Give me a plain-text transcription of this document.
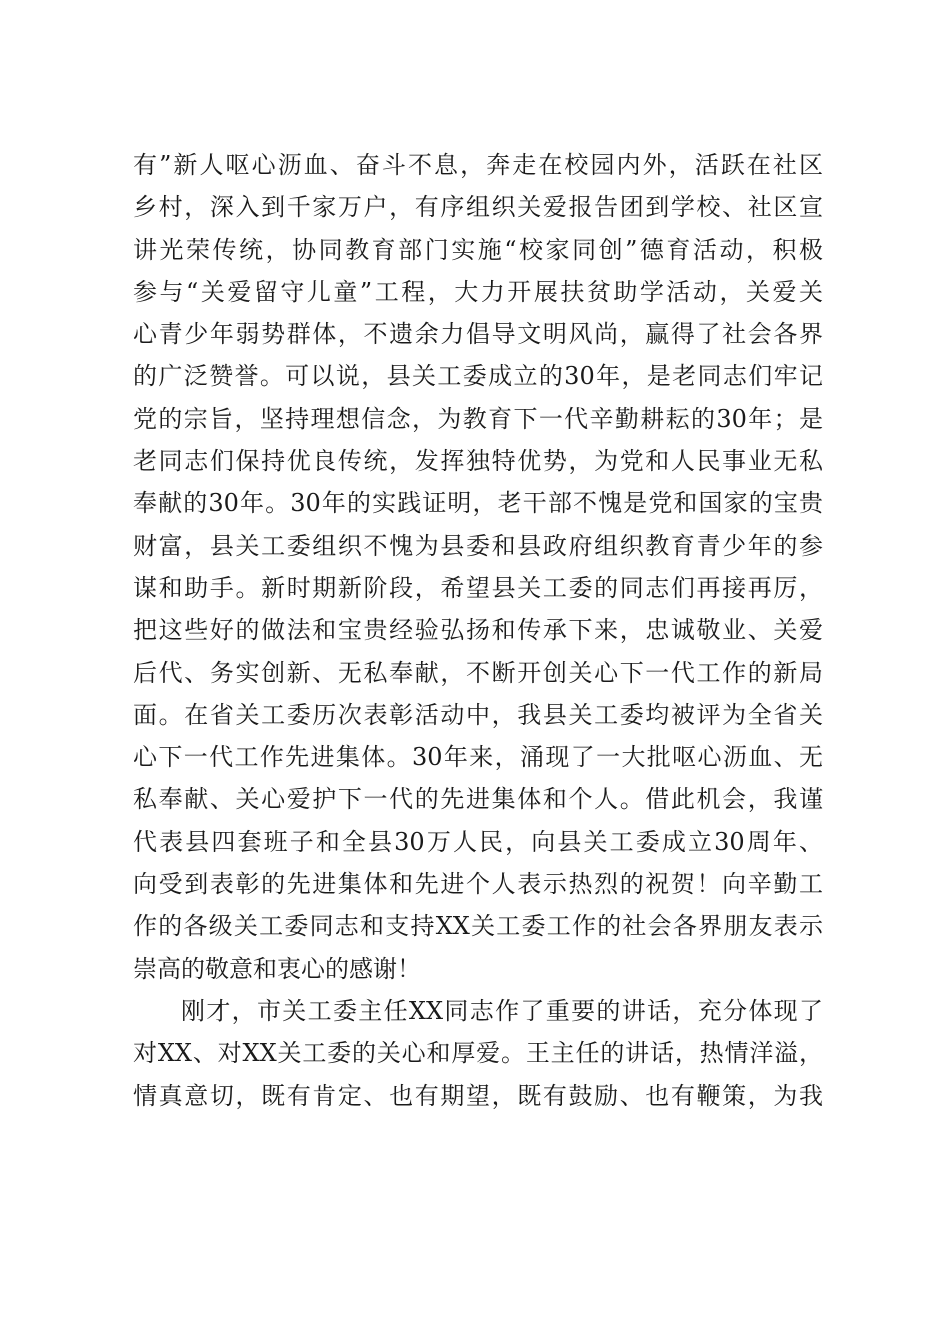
有”新人呕心沥血、奋斗不息，奔走在校园内外，活跃在社区
乡村，深入到千家万户，有序组织关爱报告团到学校、社区宣
讲光荣传统，协同教育部门实施“校家同创”德育活动，积极
参与“关爱留守儿童”工程，大力开展扶贫助学活动，关爱关
心青少年弱势群体，不遗余力倡导文明风尚，赢得了社会各界
的广泛赞誉。可以说，县关工委成立的30年，是老同志们牢记
党的宗旨，坚持理想信念，为教育下一代辛勤耕耘的30年；是
老同志们保持优良传统，发挥独特优势，为党和人民事业无私
奉献的30年。30年的实践证明，老干部不愧是党和国家的宝贵
财富，县关工委组织不愧为县委和县政府组织教育青少年的参
谋和助手。新时期新阶段，希望县关工委的同志们再接再厉，
把这些好的做法和宝贵经验弘扬和传承下来，忠诚敬业、关爱
后代、务实创新、无私奉献，不断开创关心下一代工作的新局
面。在省关工委历次表彰活动中，我县关工委均被评为全省关
心下一代工作先进集体。30年来，涌现了一大批呕心沥血、无
私奉献、关心爱护下一代的先进集体和个人。借此机会，我谨
代表县四套班子和全县30万人民，向县关工委成立30周年、
向受到表彰的先进集体和先进个人表示热烈的祝贺！向辛勤工
作的各级关工委同志和支持XX关工委工作的社会各界朋友表示
崇高的敬意和衷心的感谢！
刚才，市关工委主任XX同志作了重要的讲话，充分体现了
对XX、对XX关工委的关心和厚爱。王主任的讲话，热情洋溢，
情真意切，既有肯定、也有期望，既有鼓励、也有鞭策，为我
